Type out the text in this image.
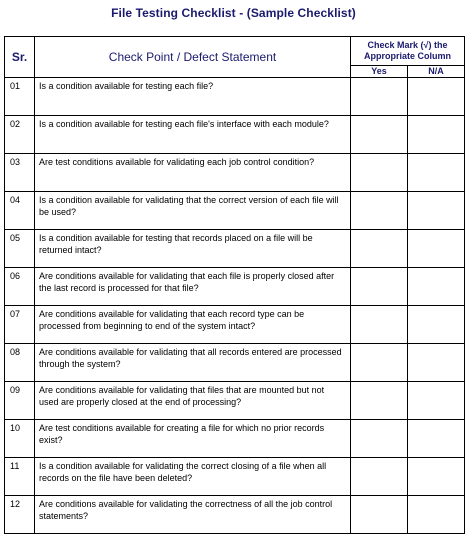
File Testing Checklist - (Sample Checklist)
Sr.	Check Point / Defect Statement	Check Mark (√) the Appropriate Column	
		Yes	N/A
01	Is a condition available for testing each file?		
02	Is a condition available for testing each file's interface with each module?		
03	Are test conditions available for validating each job control condition?		
04	Is a condition available for validating that the correct version of each file will be used?		
05	Is a condition available for testing that records placed on a file will be returned intact?		
06	Are conditions available for validating that each file is properly closed after the last record is processed for that file?		
07	Are conditions available for validating that each record type can be processed from beginning to end of the system intact?		
08	Are conditions available for validating that all records entered are processed through the system?		
09	Are conditions available for validating that files that are mounted but not used are properly closed at the end of processing?		
10	Are test conditions available for creating a file for which no prior records exist?		
11	Is a condition available for validating the correct closing of a file when all records on the file have been deleted?		
12	Are conditions available for validating the correctness of all the job control statements?		
